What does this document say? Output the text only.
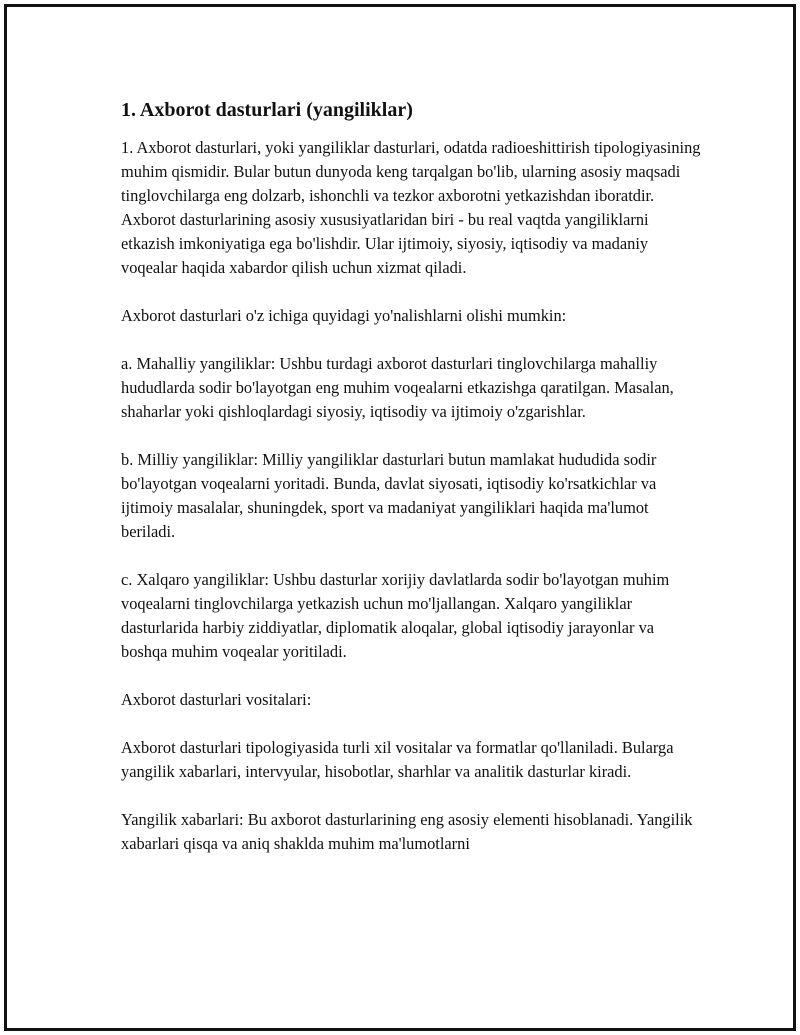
1. Axborot dasturlari (yangiliklar)

1. Axborot dasturlari, yoki yangiliklar dasturlari, odatda radioeshittirish tipologiyasining muhim qismidir. Bular butun dunyoda keng tarqalgan bo'lib, ularning asosiy maqsadi tinglovchilarga eng dolzarb, ishonchli va tezkor axborotni yetkazishdan iboratdir. Axborot dasturlarining asosiy xususiyatlaridan biri - bu real vaqtda yangiliklarni etkazish imkoniyatiga ega bo'lishdir. Ular ijtimoiy, siyosiy, iqtisodiy va madaniy voqealar haqida xabardor qilish uchun xizmat qiladi.

Axborot dasturlari o'z ichiga quyidagi yo'nalishlarni olishi mumkin:

a. Mahalliy yangiliklar: Ushbu turdagi axborot dasturlari tinglovchilarga mahalliy hududlarda sodir bo'layotgan eng muhim voqealarni etkazishga qaratilgan. Masalan, shaharlar yoki qishloqlardagi siyosiy, iqtisodiy va ijtimoiy o'zgarishlar.

b. Milliy yangiliklar: Milliy yangiliklar dasturlari butun mamlakat hududida sodir bo'layotgan voqealarni yoritadi. Bunda, davlat siyosati, iqtisodiy ko'rsatkichlar va ijtimoiy masalalar, shuningdek, sport va madaniyat yangiliklari haqida ma'lumot beriladi.

c. Xalqaro yangiliklar: Ushbu dasturlar xorijiy davlatlarda sodir bo'layotgan muhim voqealarni tinglovchilarga yetkazish uchun mo'ljallangan. Xalqaro yangiliklar dasturlarida harbiy ziddiyatlar, diplomatik aloqalar, global iqtisodiy jarayonlar va boshqa muhim voqealar yoritiladi.

Axborot dasturlari vositalari:

Axborot dasturlari tipologiyasida turli xil vositalar va formatlar qo'llaniladi. Bularga yangilik xabarlari, intervyular, hisobotlar, sharhlar va analitik dasturlar kiradi.

Yangilik xabarlari: Bu axborot dasturlarining eng asosiy elementi hisoblanadi. Yangilik xabarlari qisqa va aniq shaklda muhim ma'lumotlarni
